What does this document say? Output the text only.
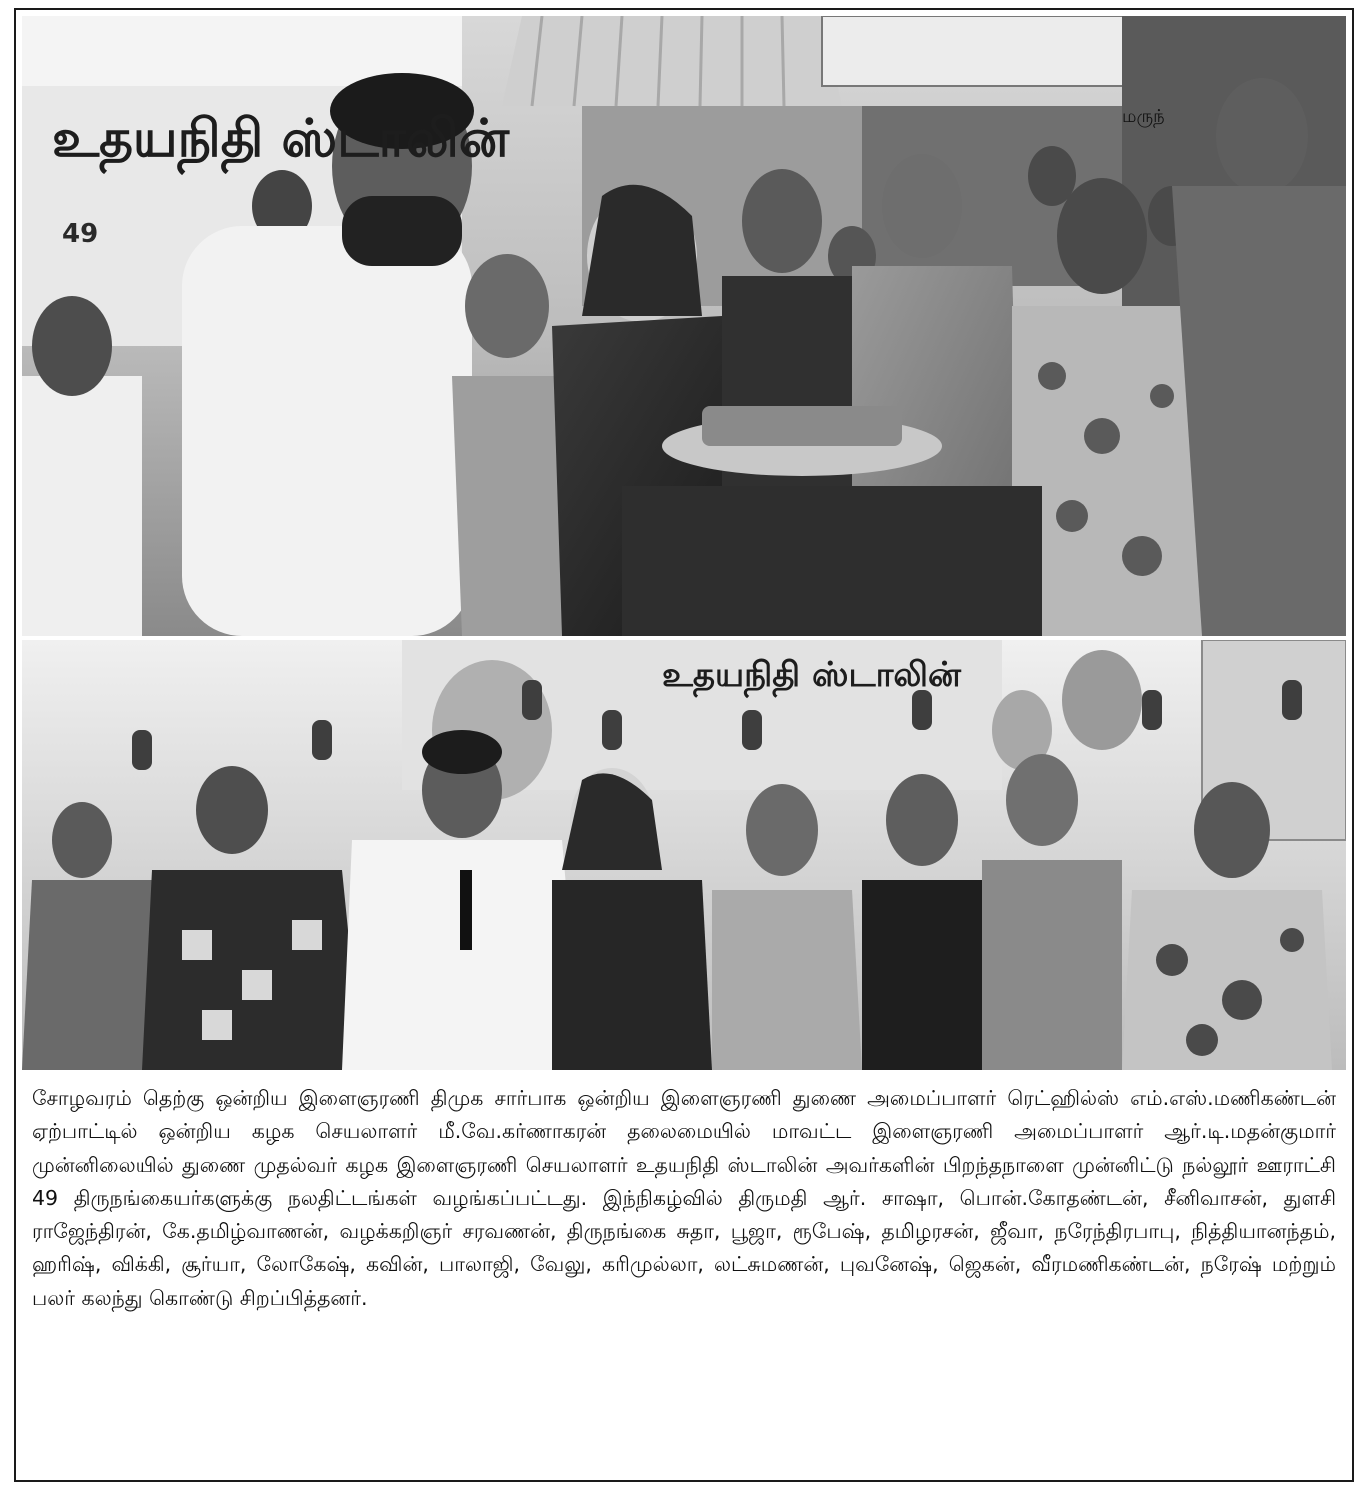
உதயநிதி ஸ்டாலின்
49
மருந்
உதயநிதி ஸ்டாலின்

சோழவரம் தெற்கு ஒன்றிய இளைஞரணி திமுக சார்பாக ஒன்றிய இளைஞரணி துணை அமைப்பாளர் ரெட்ஹில்ஸ் எம்.எஸ்.மணிகண்டன் ஏற்பாட்டில் ஒன்றிய கழக செயலாளர் மீ.வே.கர்ணாகரன் தலைமையில் மாவட்ட இளைஞரணி அமைப்பாளர் ஆர்.டி.மதன்குமார் முன்னிலையில் துணை முதல்வர் கழக இளைஞரணி செயலாளர் உதயநிதி ஸ்டாலின் அவர்களின் பிறந்தநாளை முன்னிட்டு நல்லூர் ஊராட்சி 49 திருநங்கையர்களுக்கு நலதிட்டங்கள் வழங்கப்பட்டது. இந்நிகழ்வில் திருமதி ஆர். சாஷா, பொன்.கோதண்டன், சீனிவாசன், துளசி ராஜேந்திரன், கே.தமிழ்வாணன், வழக்கறிஞர் சரவணன், திருநங்கை சுதா, பூஜா, ரூபேஷ், தமிழரசன், ஜீவா, நரேந்திரபாபு, நித்தியானந்தம், ஹரிஷ், விக்கி, சூர்யா, லோகேஷ், கவின், பாலாஜி, வேலு, கரிமுல்லா, லட்சுமணன், புவனேஷ், ஜெகன், வீரமணிகண்டன், நரேஷ் மற்றும் பலர் கலந்து கொண்டு சிறப்பித்தனர்.
